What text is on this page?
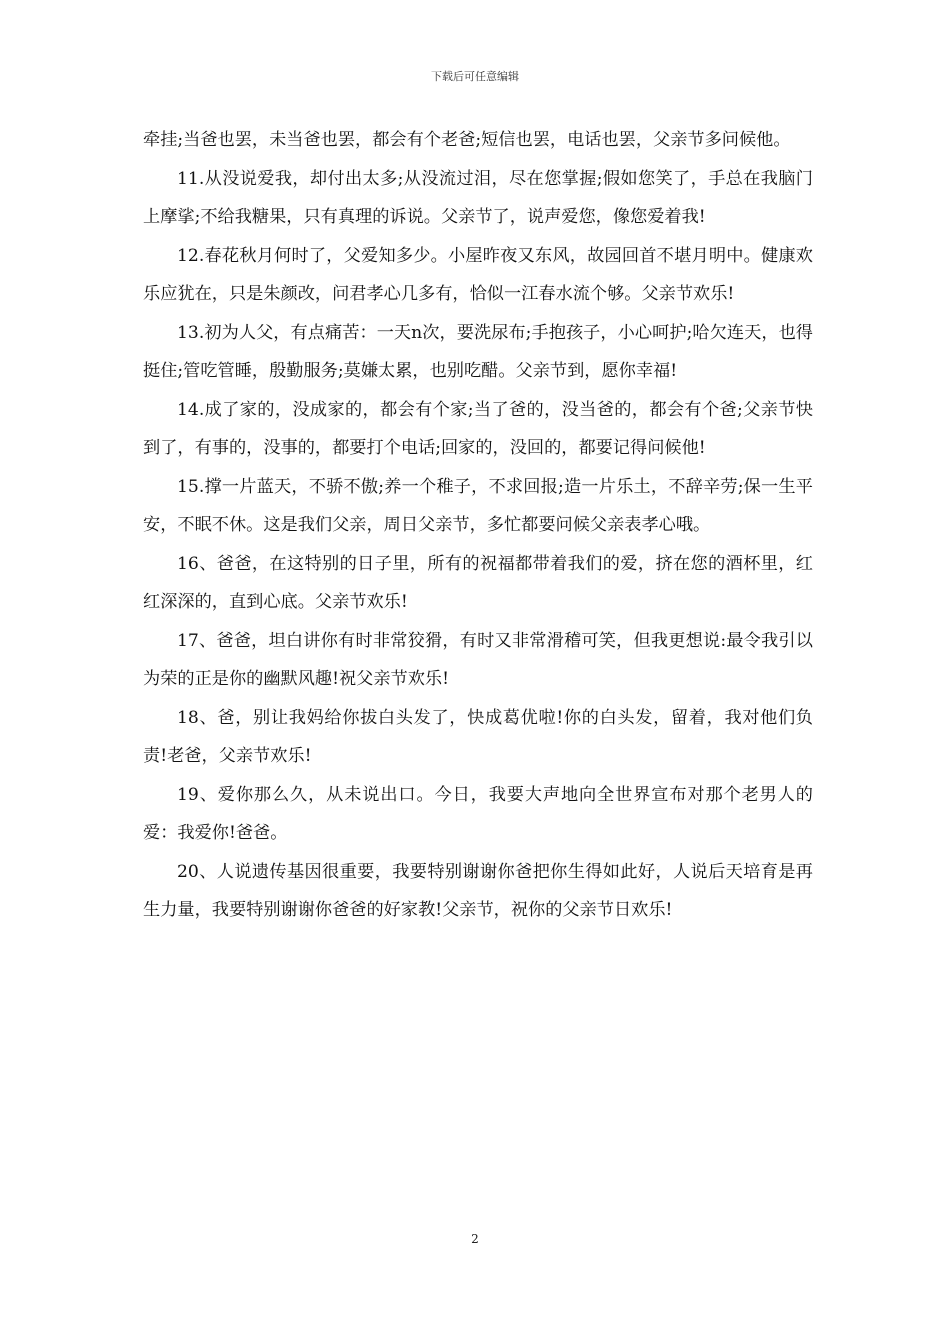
下载后可任意编辑

牵挂;当爸也罢，未当爸也罢，都会有个老爸;短信也罢，电话也罢，父亲节多问候他。

11.从没说爱我，却付出太多;从没流过泪，尽在您掌握;假如您笑了，手总在我脑门上摩挲;不给我糖果，只有真理的诉说。父亲节了，说声爱您，像您爱着我!

12.春花秋月何时了，父爱知多少。小屋昨夜又东风，故园回首不堪月明中。健康欢乐应犹在，只是朱颜改，问君孝心几多有，恰似一江春水流个够。父亲节欢乐!

13.初为人父，有点痛苦：一天n次，要洗尿布;手抱孩子，小心呵护;哈欠连天，也得挺住;管吃管睡，殷勤服务;莫嫌太累，也别吃醋。父亲节到，愿你幸福!

14.成了家的，没成家的，都会有个家;当了爸的，没当爸的，都会有个爸;父亲节快到了，有事的，没事的，都要打个电话;回家的，没回的，都要记得问候他!

15.撑一片蓝天，不骄不傲;养一个稚子，不求回报;造一片乐土，不辞辛劳;保一生平安，不眠不休。这是我们父亲，周日父亲节，多忙都要问候父亲表孝心哦。

16、爸爸，在这特别的日子里，所有的祝福都带着我们的爱，挤在您的酒杯里，红红深深的，直到心底。父亲节欢乐!

17、爸爸，坦白讲你有时非常狡猾，有时又非常滑稽可笑，但我更想说:最令我引以为荣的正是你的幽默风趣!祝父亲节欢乐!

18、爸，别让我妈给你拔白头发了，快成葛优啦!你的白头发，留着，我对他们负责!老爸，父亲节欢乐!

19、爱你那么久，从未说出口。今日，我要大声地向全世界宣布对那个老男人的爱：我爱你!爸爸。

20、人说遗传基因很重要，我要特别谢谢你爸把你生得如此好，人说后天培育是再生力量，我要特别谢谢你爸爸的好家教!父亲节，祝你的父亲节日欢乐!

2
